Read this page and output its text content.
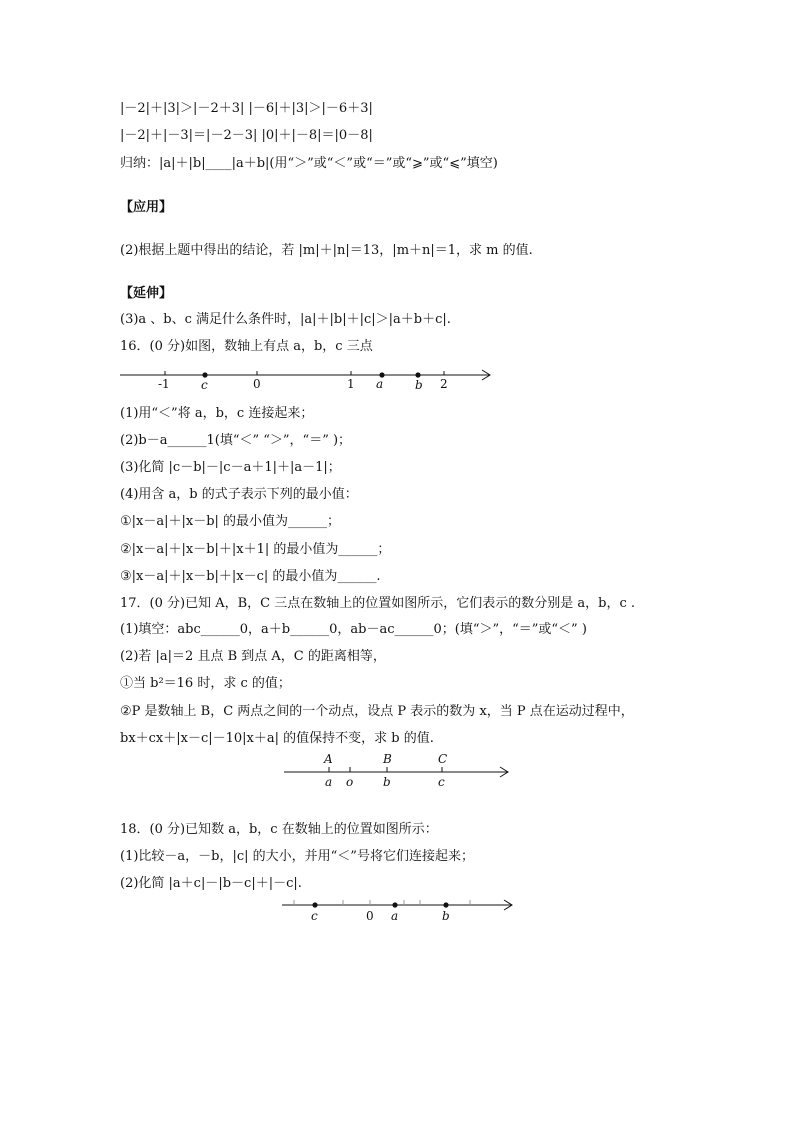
|－2|＋|3|＞|－2＋3| |－6|＋|3|＞|－6＋3|
|－2|＋|－3|＝|－2－3| |0|＋|－8|＝|0－8|
归纳：|a|＋|b|____|a＋b|(用“＞”或“＜”或“＝”或“⩾”或“⩽”填空)
【应用】
(2)根据上题中得出的结论，若 |m|＋|n|＝13，|m＋n|＝1，求 m 的值.
【延伸】
(3)a 、b、c 满足什么条件时，|a|＋|b|＋|c|＞|a＋b＋c|.
16．(0 分)如图，数轴上有点 a，b，c 三点
-1	c	0	1 a	b 2
(1)用“＜”将 a，b，c 连接起来；
(2)b－a______1(填“＜” “＞”，“＝” )；
(3)化简 |c－b|－|c－a＋1|＋|a－1|；
(4)用含 a，b 的式子表示下列的最小值：
①|x－a|＋|x－b| 的最小值为______；
②|x－a|＋|x－b|＋|x＋1| 的最小值为______；
③|x－a|＋|x－b|＋|x－c| 的最小值为______.
17．(0 分)已知 A，B，C 三点在数轴上的位置如图所示，它们表示的数分别是 a，b，c .
(1)填空：abc______0，a＋b______0，ab－ac______0；(填“＞”，“＝”或“＜” )
(2)若 |a|＝2 且点 B 到点 A，C 的距离相等，
①当 b²＝16 时，求 c 的值；
②P 是数轴上 B，C 两点之间的一个动点，设点 P 表示的数为 x，当 P 点在运动过程中，
bx＋cx＋|x－c|－10|x＋a| 的值保持不变，求 b 的值.
A	B	C
a o b	c
18．(0 分)已知数 a，b，c 在数轴上的位置如图所示：
(1)比较－a，－b，|c| 的大小，并用“＜”号将它们连接起来；
(2)化简 |a＋c|－|b－c|＋|－c|.
c	0 a	b
